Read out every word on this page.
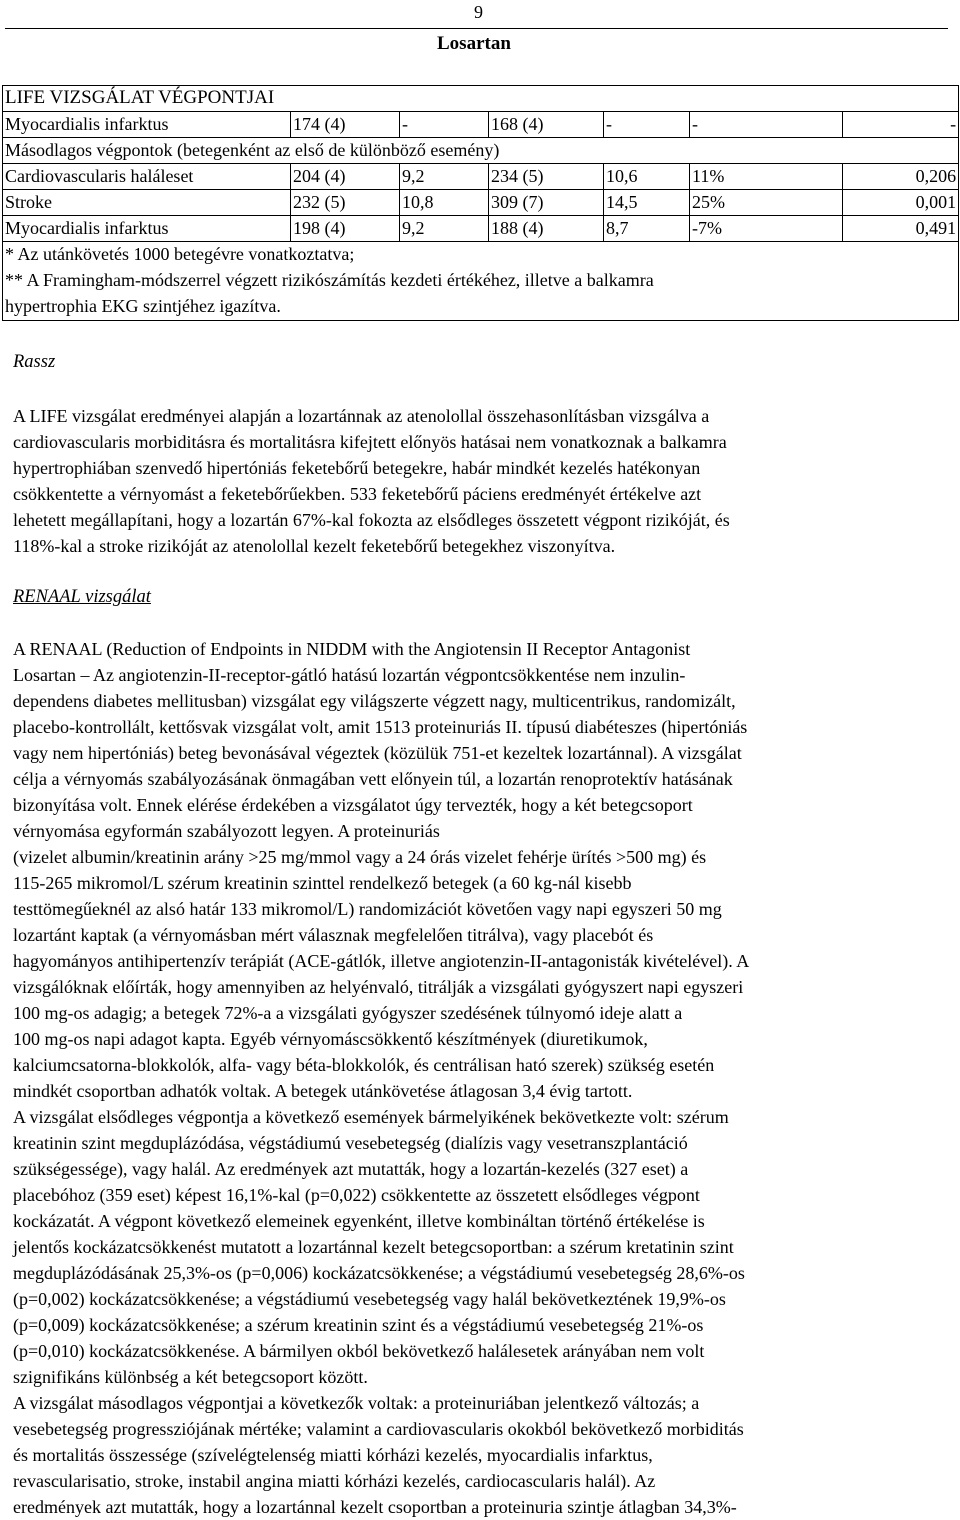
9
Losartan
LIFE VIZSGÁLAT VÉGPONTJAI						
Myocardialis infarktus	174 (4)	-	168 (4)	-	-	-
Másodlagos végpontok (betegenként az első de különböző esemény)						
Cardiovascularis haláleset	204 (4)	9,2	234 (5)	10,6	11%	0,206
Stroke	232 (5)	10,8	309 (7)	14,5	25%	0,001
Myocardialis infarktus	198 (4)	9,2	188 (4)	8,7	-7%	0,491

* Az utánkövetés 1000 betegévre vonatkoztatva;
** A Framingham-módszerrel végzett rizikószámítás kezdeti értékéhez, illetve a balkamra
hypertrophia EKG szintjéhez igazítva.						
Rassz
A LIFE vizsgálat eredményei alapján a lozartánnak az atenolollal összehasonlításban vizsgálva a
cardiovascularis morbiditásra és mortalitásra kifejtett előnyös hatásai nem vonatkoznak a balkamra
hypertrophiában szenvedő hipertóniás feketebőrű betegekre, habár mindkét kezelés hatékonyan
csökkentette a vérnyomást a feketebőrűekben. 533 feketebőrű páciens eredményét értékelve azt
lehetett megállapítani, hogy a lozartán 67%-kal fokozta az elsődleges összetett végpont rizikóját, és
118%-kal a stroke rizikóját az atenolollal kezelt feketebőrű betegekhez viszonyítva.
RENAAL vizsgálat
A RENAAL (Reduction of Endpoints in NIDDM with the Angiotensin II Receptor Antagonist
Losartan – Az angiotenzin-II-receptor-gátló hatású lozartán végpontcsökkentése nem inzulin-
dependens diabetes mellitusban) vizsgálat egy világszerte végzett nagy, multicentrikus, randomizált,
placebo-kontrollált, kettősvak vizsgálat volt, amit 1513 proteinuriás II. típusú diabéteszes (hipertóniás
vagy nem hipertóniás) beteg bevonásával végeztek (közülük 751-et kezeltek lozartánnal). A vizsgálat
célja a vérnyomás szabályozásának önmagában vett előnyein túl, a lozartán renoprotektív hatásának
bizonyítása volt. Ennek elérése érdekében a vizsgálatot úgy tervezték, hogy a két betegcsoport
vérnyomása egyformán szabályozott legyen. A proteinuriás
(vizelet albumin/kreatinin arány >25 mg/mmol vagy a 24 órás vizelet fehérje ürítés >500 mg) és
115-265 mikromol/L szérum kreatinin szinttel rendelkező betegek (a 60 kg-nál kisebb
testtömegűeknél az alsó határ 133 mikromol/L) randomizációt követően vagy napi egyszeri 50 mg
lozartánt kaptak (a vérnyomásban mért válasznak megfelelően titrálva), vagy placebót és
hagyományos antihipertenzív terápiát (ACE-gátlók, illetve angiotenzin-II-antagonisták kivételével). A
vizsgálóknak előírták, hogy amennyiben az helyénvaló, titrálják a vizsgálati gyógyszert napi egyszeri
100 mg-os adagig; a betegek 72%-a a vizsgálati gyógyszer szedésének túlnyomó ideje alatt a
100 mg-os napi adagot kapta. Egyéb vérnyomáscsökkentő készítmények (diuretikumok,
kalciumcsatorna-blokkolók, alfa- vagy béta-blokkolók, és centrálisan ható szerek) szükség esetén
mindkét csoportban adhatók voltak. A betegek utánkövetése átlagosan 3,4 évig tartott.
A vizsgálat elsődleges végpontja a következő események bármelyikének bekövetkezte volt: szérum
kreatinin szint megduplázódása, végstádiumú vesebetegség (dialízis vagy vesetranszplantáció
szükségessége), vagy halál. Az eredmények azt mutatták, hogy a lozartán-kezelés (327 eset) a
placebóhoz (359 eset) képest 16,1%-kal (p=0,022) csökkentette az összetett elsődleges végpont
kockázatát. A végpont következő elemeinek egyenként, illetve kombináltan történő értékelése is
jelentős kockázatcsökkenést mutatott a lozartánnal kezelt betegcsoportban: a szérum kretatinin szint
megduplázódásának 25,3%-os (p=0,006) kockázatcsökkenése; a végstádiumú vesebetegség 28,6%-os
(p=0,002) kockázatcsökkenése; a végstádiumú vesebetegség vagy halál bekövetkeztének 19,9%-os
(p=0,009) kockázatcsökkenése; a szérum kreatinin szint és a végstádiumú vesebetegség 21%-os
(p=0,010) kockázatcsökkenése. A bármilyen okból bekövetkező halálesetek arányában nem volt
szignifikáns különbség a két betegcsoport között.
A vizsgálat másodlagos végpontjai a következők voltak: a proteinuriában jelentkező változás; a
vesebetegség progressziójának mértéke; valamint a cardiovascularis okokból bekövetkező morbiditás
és mortalitás összessége (szívelégtelenség miatti kórházi kezelés, myocardialis infarktus,
revascularisatio, stroke, instabil angina miatti kórházi kezelés, cardiocascularis halál). Az
eredmények azt mutatták, hogy a lozartánnal kezelt csoportban a proteinuria szintje átlagban 34,3%-
